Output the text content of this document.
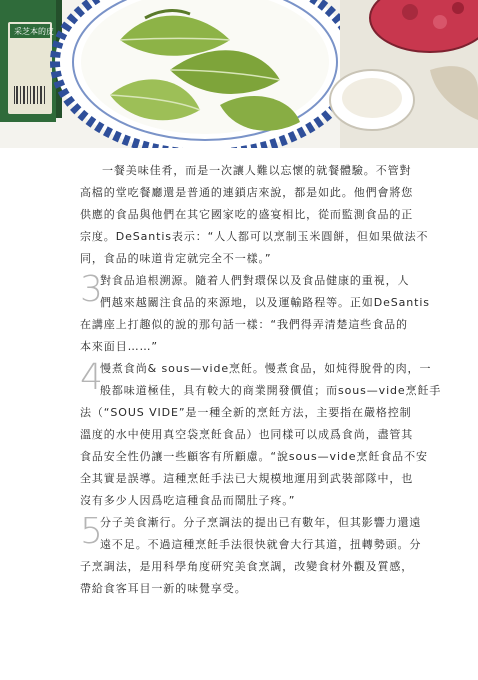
采芝本的皮
一餐美味佳肴，而是一次讓人難以忘懷的就餐體驗。不管對
高檔的堂吃餐廳還是普通的連鎖店來說，都是如此。他們會將您
供應的食品與他們在其它國家吃的盛宴相比，從而監測食品的正
宗度。DeSantis表示：“人人都可以烹制玉米圓餅，但如果做法不
同，食品的味道肯定就完全不一樣。”
3
對食品追根溯源。隨着人們對環保以及食品健康的重視，人
們越來越關注食品的來源地，以及運輸路程等。正如DeSantis
在講座上打趣似的說的那句話一樣：“我們得弄清楚這些食品的
本來面目……”
4
慢煮食尚& sous—vide烹飪。慢煮食品，如炖得脫骨的肉，一
般都味道極佳，具有較大的商業開發價值；而sous—vide烹飪手
法（“SOUS VIDE”是一種全新的烹飪方法，主要指在嚴格控制
溫度的水中使用真空袋烹飪食品）也同樣可以成爲食尚，盡管其
食品安全性仍讓一些顧客有所顧慮。“說sous—vide烹飪食品不安
全其實是誤導。這種烹飪手法已大規模地運用到武裝部隊中，也
沒有多少人因爲吃這種食品而鬧肚子疼。”
5
分子美食漸行。分子烹調法的提出已有數年，但其影響力還遠
遠不足。不過這種烹飪手法很快就會大行其道，扭轉勢頭。分
子烹調法，是用科學角度研究美食烹調，改變食材外觀及質感，
帶給食客耳目一新的味覺享受。
